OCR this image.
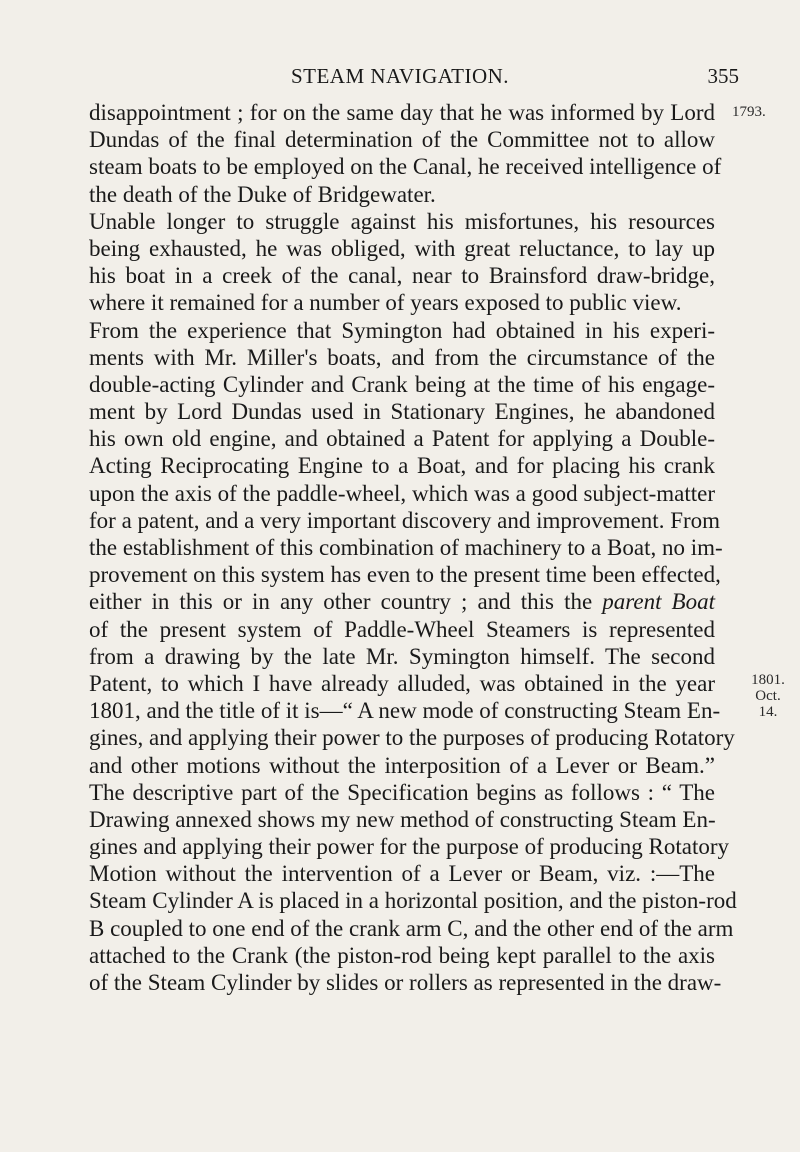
STEAM NAVIGATION.	355
1793.
1801.
Oct. 14.
disappointment ; for on the same day that he was informed by Lord
Dundas of the final determination of the Committee not to allow
steam boats to be employed on the Canal, he received intelligence of
the death of the Duke of Bridgewater.
Unable longer to struggle against his misfortunes, his resources
being exhausted, he was obliged, with great reluctance, to lay up
his boat in a creek of the canal, near to Brainsford draw-bridge,
where it remained for a number of years exposed to public view.
From the experience that Symington had obtained in his experi-
ments with Mr. Miller's boats, and from the circumstance of the
double-acting Cylinder and Crank being at the time of his engage-
ment by Lord Dundas used in Stationary Engines, he abandoned
his own old engine, and obtained a Patent for applying a Double-
Acting Reciprocating Engine to a Boat, and for placing his crank
upon the axis of the paddle-wheel, which was a good subject-matter
for a patent, and a very important discovery and improvement. From
the establishment of this combination of machinery to a Boat, no im-
provement on this system has even to the present time been effected,
either in this or in any other country ; and this the parent Boat
of the present system of Paddle-Wheel Steamers is represented
from a drawing by the late Mr. Symington himself. The second
Patent, to which I have already alluded, was obtained in the year
1801, and the title of it is—“ A new mode of constructing Steam En-
gines, and applying their power to the purposes of producing Rotatory
and other motions without the interposition of a Lever or Beam.”
The descriptive part of the Specification begins as follows : “ The
Drawing annexed shows my new method of constructing Steam En-
gines and applying their power for the purpose of producing Rotatory
Motion without the intervention of a Lever or Beam, viz. :—The
Steam Cylinder A is placed in a horizontal position, and the piston-rod
B coupled to one end of the crank arm C, and the other end of the arm
attached to the Crank (the piston-rod being kept parallel to the axis
of the Steam Cylinder by slides or rollers as represented in the draw-
